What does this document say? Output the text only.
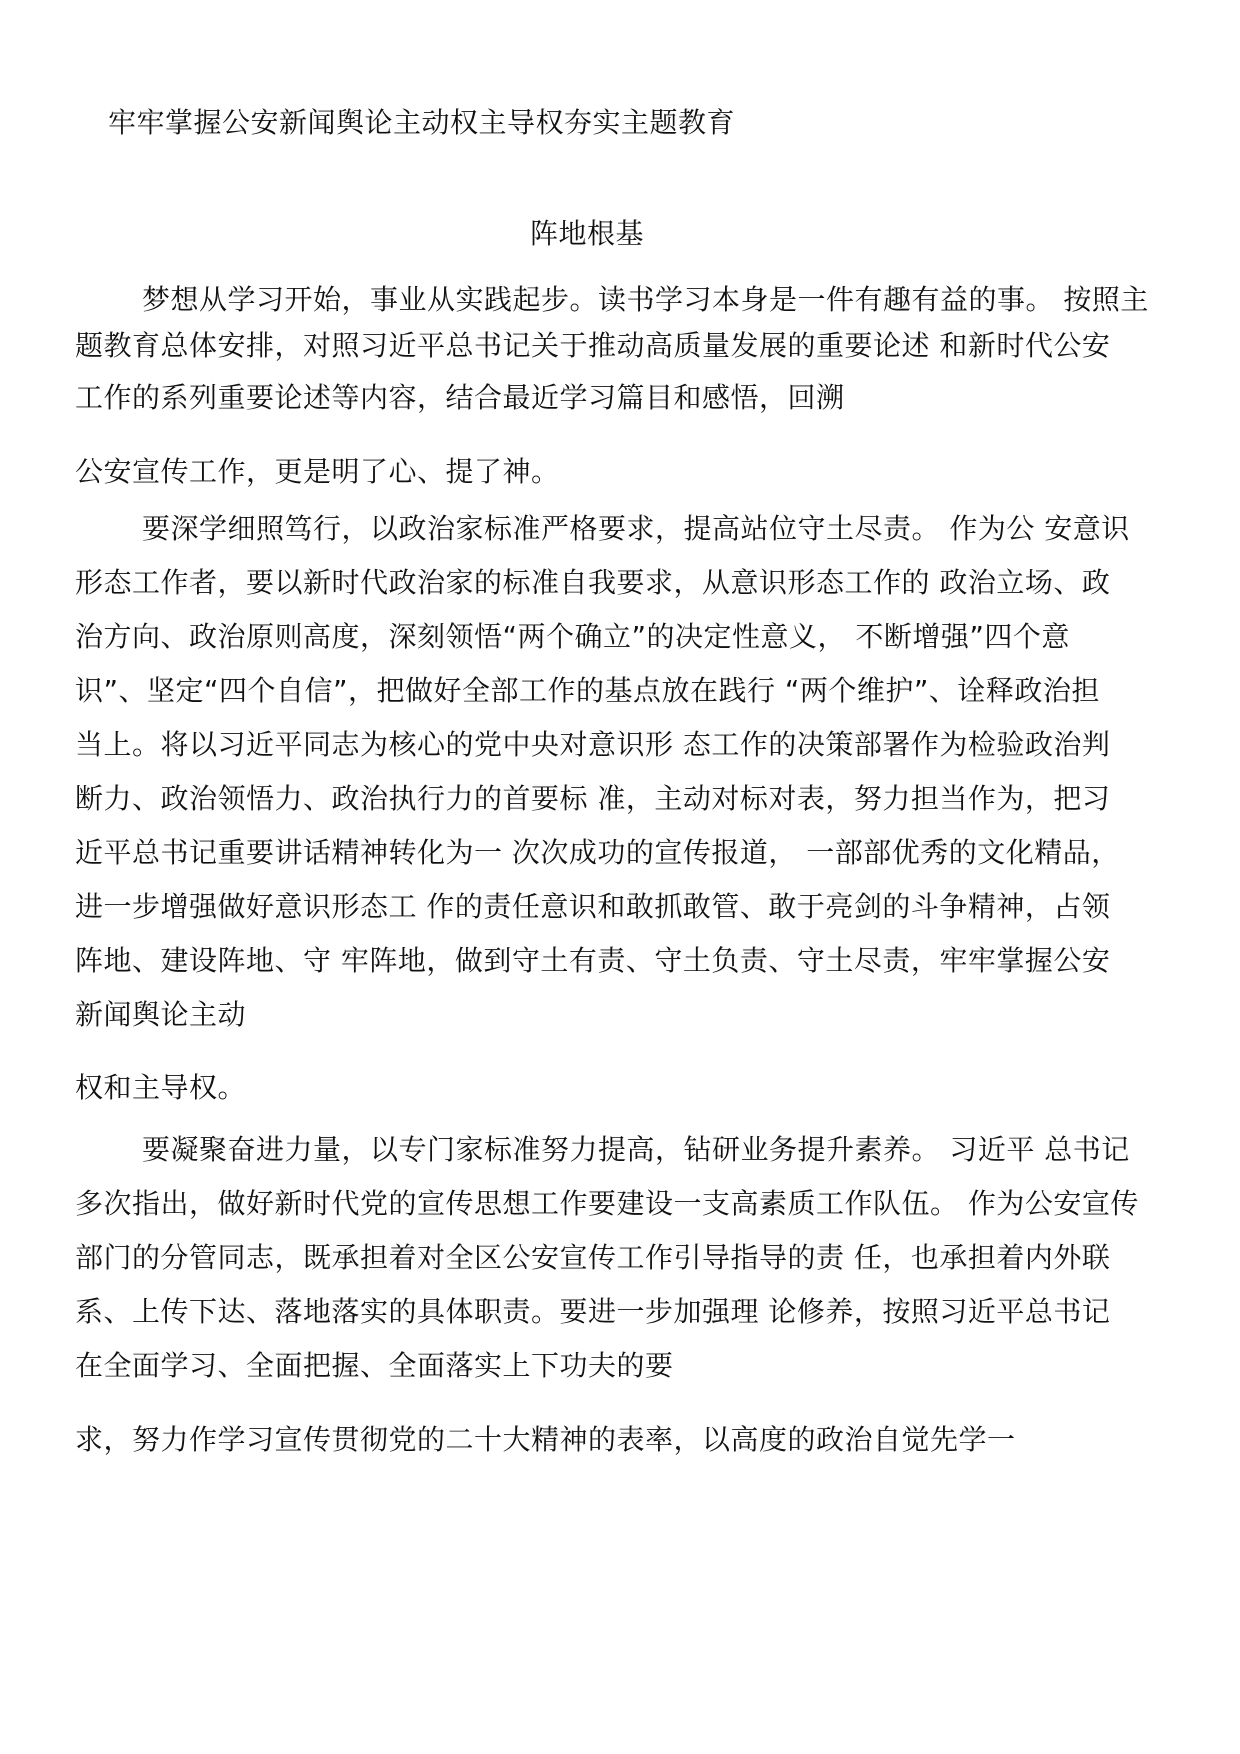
牢牢掌握公安新闻舆论主动权主导权夯实主题教育
阵地根基
梦想从学习开始，事业从实践起步。读书学习本身是一件有趣有益的事。 按照主
题教育总体安排，对照习近平总书记关于推动高质量发展的重要论述 和新时代公安
工作的系列重要论述等内容，结合最近学习篇目和感悟，回溯
公安宣传工作，更是明了心、提了神。
要深学细照笃行，以政治家标准严格要求，提高站位守土尽责。 作为公 安意识
形态工作者，要以新时代政治家的标准自我要求，从意识形态工作的 政治立场、政
治方向、政治原则高度，深刻领悟“两个确立”的决定性意义， 不断增强”四个意
识”、坚定“四个自信”，把做好全部工作的基点放在践行 “两个维护”、诠释政治担
当上。将以习近平同志为核心的党中央对意识形 态工作的决策部署作为检验政治判
断力、政治领悟力、政治执行力的首要标 准，主动对标对表，努力担当作为，把习
近平总书记重要讲话精神转化为一 次次成功的宣传报道， 一部部优秀的文化精品，
进一步增强做好意识形态工 作的责任意识和敢抓敢管、敢于亮剑的斗争精神，占领
阵地、建设阵地、守 牢阵地，做到守土有责、守土负责、守土尽责，牢牢掌握公安
新闻舆论主动
权和主导权。
要凝聚奋进力量，以专门家标准努力提高，钻研业务提升素养。 习近平 总书记
多次指出，做好新时代党的宣传思想工作要建设一支高素质工作队伍。 作为公安宣传
部门的分管同志，既承担着对全区公安宣传工作引导指导的责 任，也承担着内外联
系、上传下达、落地落实的具体职责。要进一步加强理 论修养，按照习近平总书记
在全面学习、全面把握、全面落实上下功夫的要
求，努力作学习宣传贯彻党的二十大精神的表率，以高度的政治自觉先学一
